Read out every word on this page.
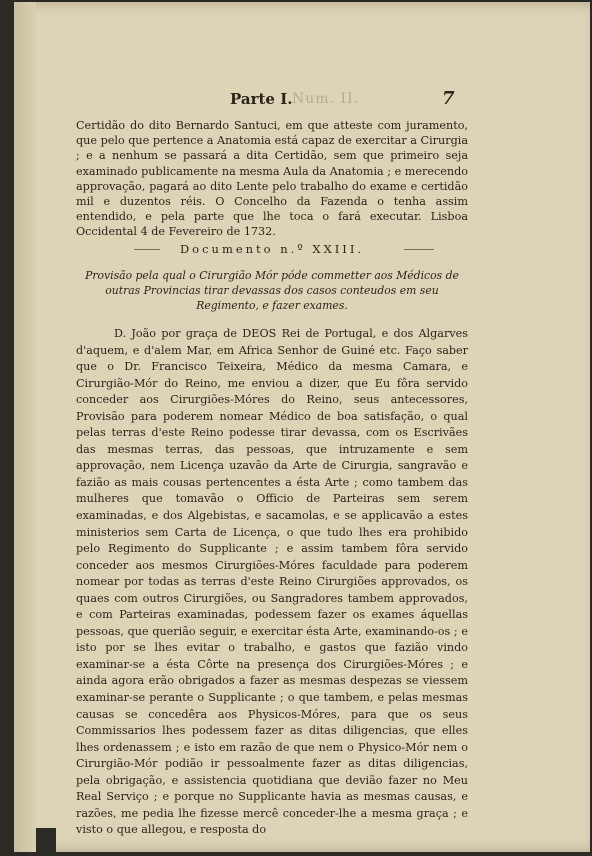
Parte I. Num. II.	7

Certidão do dito Bernardo Santuci, em que atteste com juramento, que pelo que pertence a Anatomia está capaz de exercitar a Cirurgia ; e a nenhum se passará a dita Certidão, sem que primeiro seja examinado publicamente na mesma Aula da Anatomia ; e merecendo approvação, pagará ao dito Lente pelo trabalho do exame e certidão mil e duzentos réis. O Concelho da Fazenda o tenha assim entendido, e pela parte que lhe toca o fará executar. Lisboa Occidental 4 de Fevereiro de 1732.

Documento n.º XXIII.

Provisão pela qual o Cirurgião Mór póde commetter aos Médicos de outras Provincias tirar devassas dos casos conteudos em seu Regimento, e fazer exames.

D. João por graça de DEOS Rei de Portugal, e dos Algarves d'aquem, e d'alem Mar, em Africa Senhor de Guiné etc. Faço saber que o Dr. Francisco Teixeira, Médico da mesma Camara, e Cirurgião-Mór do Reino, me enviou a dizer, que Eu fôra servido conceder aos Cirurgiões-Móres do Reino, seus antecessores, Provisão para poderem nomear Médico de boa satisfação, o qual pelas terras d'este Reino podesse tirar devassa, com os Escrivães das mesmas terras, das pessoas, que intruzamente e sem approvação, nem Licença uzavão da Arte de Cirurgia, sangravão e fazião as mais cousas pertencentes a ésta Arte ; como tambem das mulheres que tomavão o Officio de Parteiras sem serem examinadas, e dos Algebistas, e sacamolas, e se applicavão a estes ministerios sem Carta de Licença, o que tudo lhes era prohibido pelo Regimento do Supplicante ; e assim tambem fôra servido conceder aos mesmos Cirurgiões-Móres faculdade para poderem nomear por todas as terras d'este Reino Cirurgiões approvados, os quaes com outros Cirurgiões, ou Sangradores tambem approvados, e com Parteiras examinadas, podessem fazer os exames áquellas pessoas, que querião seguir, e exercitar ésta Arte, examinando-os ; e isto por se lhes evitar o trabalho, e gastos que fazião vindo examinar-se a ésta Côrte na presença dos Cirurgiões-Móres ; e ainda agora erão obrigados a fazer as mesmas despezas se viessem examinar-se perante o Supplicante ; o que tambem, e pelas mesmas causas se concedêra aos Physicos-Móres, para que os seus Commissarios lhes podessem fazer as ditas diligencias, que elles lhes ordenassem ; e isto em razão de que nem o Physico-Mór nem o Cirurgião-Mór podião ir pessoalmente fazer as ditas diligencias, pela obrigação, e assistencia quotidiana que devião fazer no Meu Real Serviço ; e porque no Supplicante havia as mesmas causas, e razões, me pedia lhe fizesse mercê conceder-lhe a mesma graça ; e visto o que allegou, e resposta do
